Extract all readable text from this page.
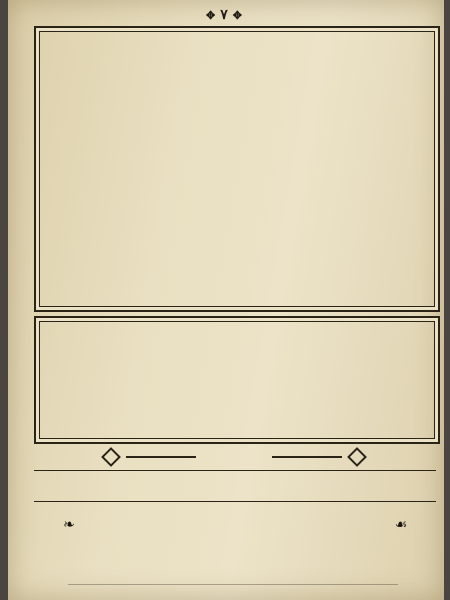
✥ ٧ ✥
❧	☙
